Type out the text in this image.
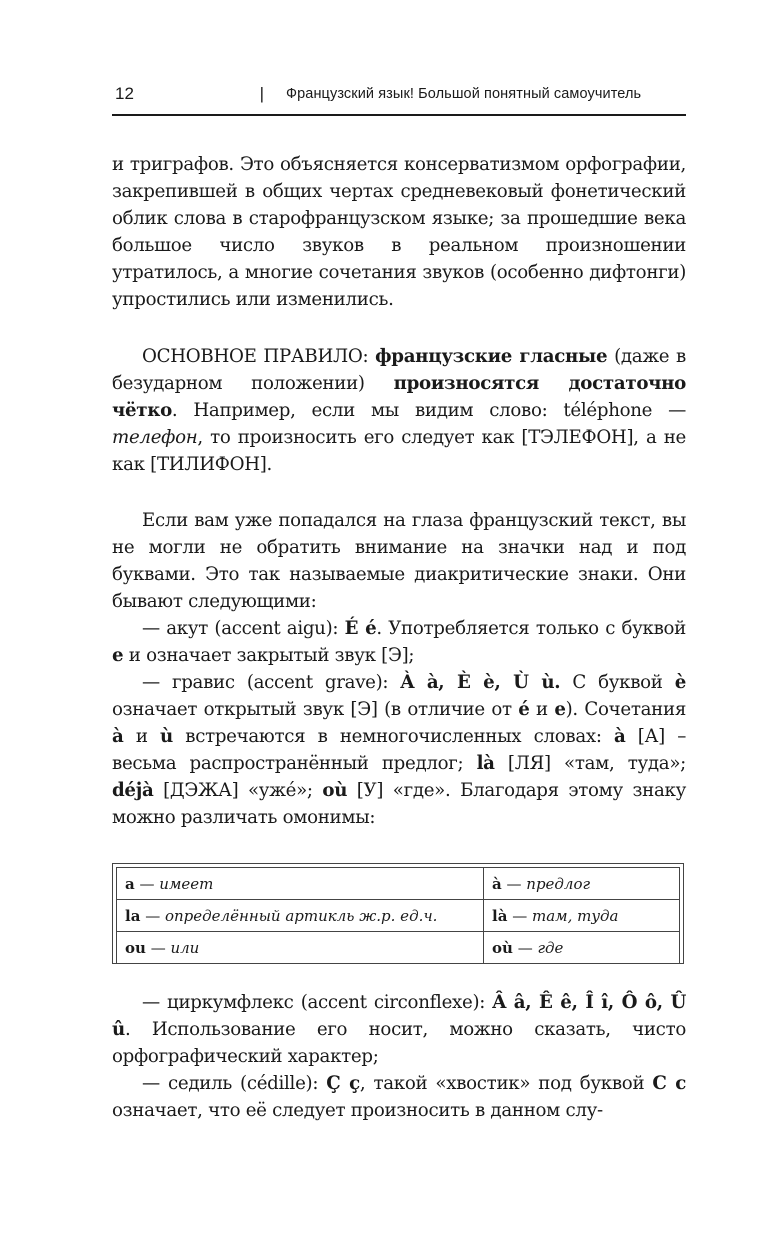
12	| Французский язык! Большой понятный самоучитель

и триграфов. Это объясняется консерватизмом орфографии, закрепившей в общих чертах средневековый фонетический облик слова в старофранцузском языке; за прошедшие века большое число звуков в реальном произношении утратилось, а многие сочетания звуков (особенно дифтонги) упростились или изменились.

ОСНОВНОЕ ПРАВИЛО: французские гласные (даже в безударном положении) произносятся достаточно чётко. Например, если мы видим слово: téléphone — телефон, то произносить его следует как [ТЭЛЕФОН], а не как [ТИЛИФОН].

Если вам уже попадался на глаза французский текст, вы не могли не обратить внимание на значки над и под буквами. Это так называемые диакритические знаки. Они бывают следующими:

— акут (accent aigu): É é. Употребляется только с буквой е и означает закрытый звук [Э];

— гравис (accent grave): À à, È è, Ù ù. С буквой è означает открытый звук [Э] (в отличие от é и е). Сочетания à и ù встречаются в немногочисленных словах: à [А] – весьма распространённый предлог; là [ЛЯ] «там, туда»; déjà [ДЭЖА] «ужé»; où [У] «где». Благодаря этому знаку можно различать омонимы:

a — имеет	à — предлог
la — определённый артикль ж.р. ед.ч.	là — там, туда
ou — или	où — где

— циркумфлекс (accent circonflexe): Â â, Ê ê, Î î, Ô ô, Û û. Использование его носит, можно сказать, чисто орфографический характер;

— седиль (cédille): Ç ç, такой «хвостик» под буквой С с означает, что её следует произносить в данном слу-
